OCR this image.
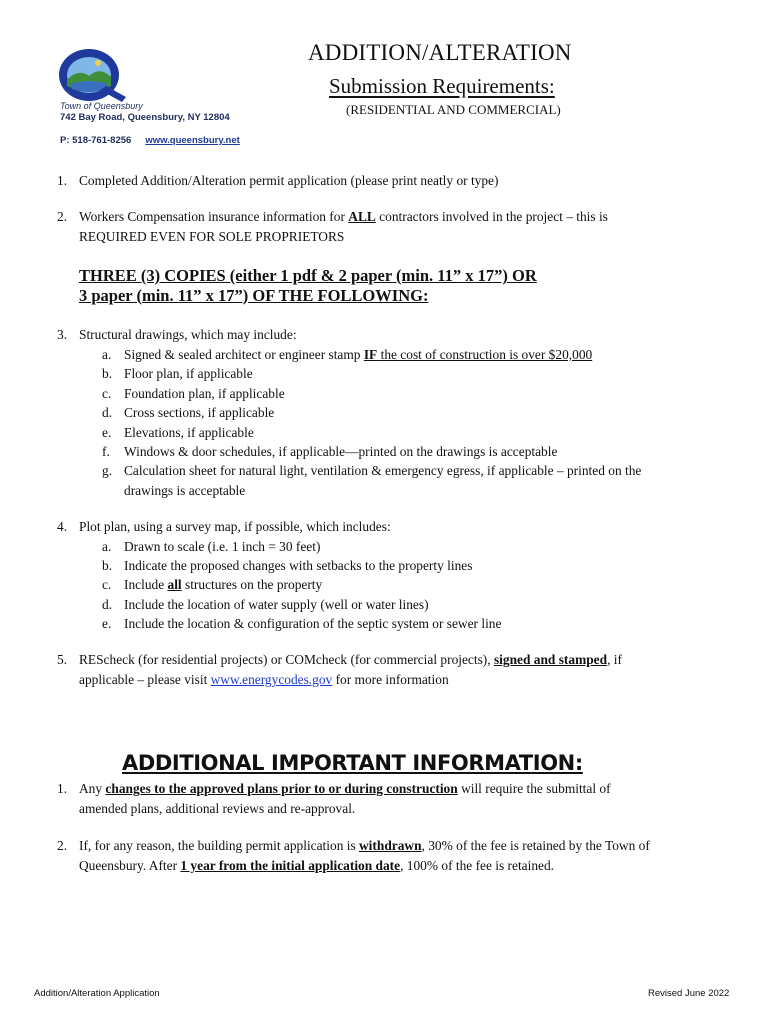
Town of Queensbury
742 Bay Road, Queensbury, NY 12804
P: 518-761-8256 www.queensbury.net
ADDITION/ALTERATION
Submission Requirements:
(RESIDENTIAL AND COMMERCIAL)
1. Completed Addition/Alteration permit application (please print neatly or type)
2. Workers Compensation insurance information for ALL contractors involved in the project – this is
REQUIRED EVEN FOR SOLE PROPRIETORS
THREE (3) COPIES (either 1 pdf & 2 paper (min. 11” x 17”) OR
3 paper (min. 11” x 17”) OF THE FOLLOWING:
3. Structural drawings, which may include:
a. Signed & sealed architect or engineer stamp IF the cost of construction is over $20,000
b. Floor plan, if applicable
c. Foundation plan, if applicable
d. Cross sections, if applicable
e. Elevations, if applicable
f. Windows & door schedules, if applicable—printed on the drawings is acceptable
g. Calculation sheet for natural light, ventilation & emergency egress, if applicable – printed on the
drawings is acceptable
4. Plot plan, using a survey map, if possible, which includes:
a. Drawn to scale (i.e. 1 inch = 30 feet)
b. Indicate the proposed changes with setbacks to the property lines
c. Include all structures on the property
d. Include the location of water supply (well or water lines)
e. Include the location & configuration of the septic system or sewer line
5. REScheck (for residential projects) or COMcheck (for commercial projects), signed and stamped, if
applicable – please visit www.energycodes.gov for more information
ADDITIONAL IMPORTANT INFORMATION:
1. Any changes to the approved plans prior to or during construction will require the submittal of
amended plans, additional reviews and re-approval.
2. If, for any reason, the building permit application is withdrawn, 30% of the fee is retained by the Town of
Queensbury. After 1 year from the initial application date, 100% of the fee is retained.
Addition/Alteration Application	Revised June 2022
